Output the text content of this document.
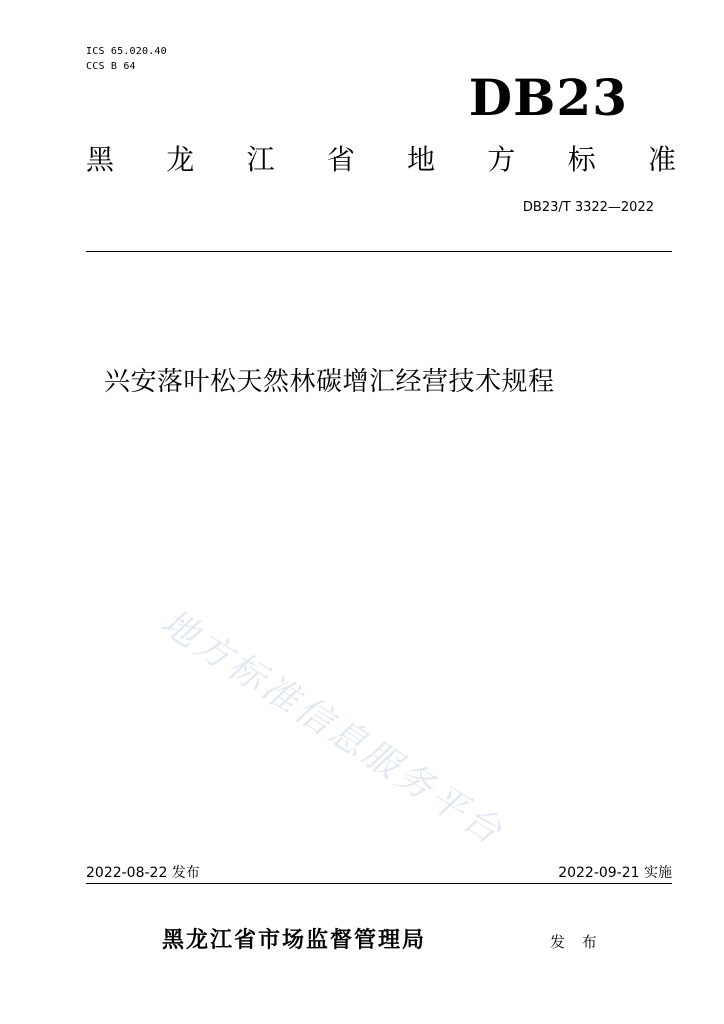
ICS 65.020.40
CCS B 64
DB23
黑 龙 江 省 地 方 标 准
DB23/T 3322—2022
兴安落叶松天然林碳增汇经营技术规程
地方标准信息服务平台
2022-08-22 发布	2022-09-21 实施
黑龙江省市场监督管理局	发 布
